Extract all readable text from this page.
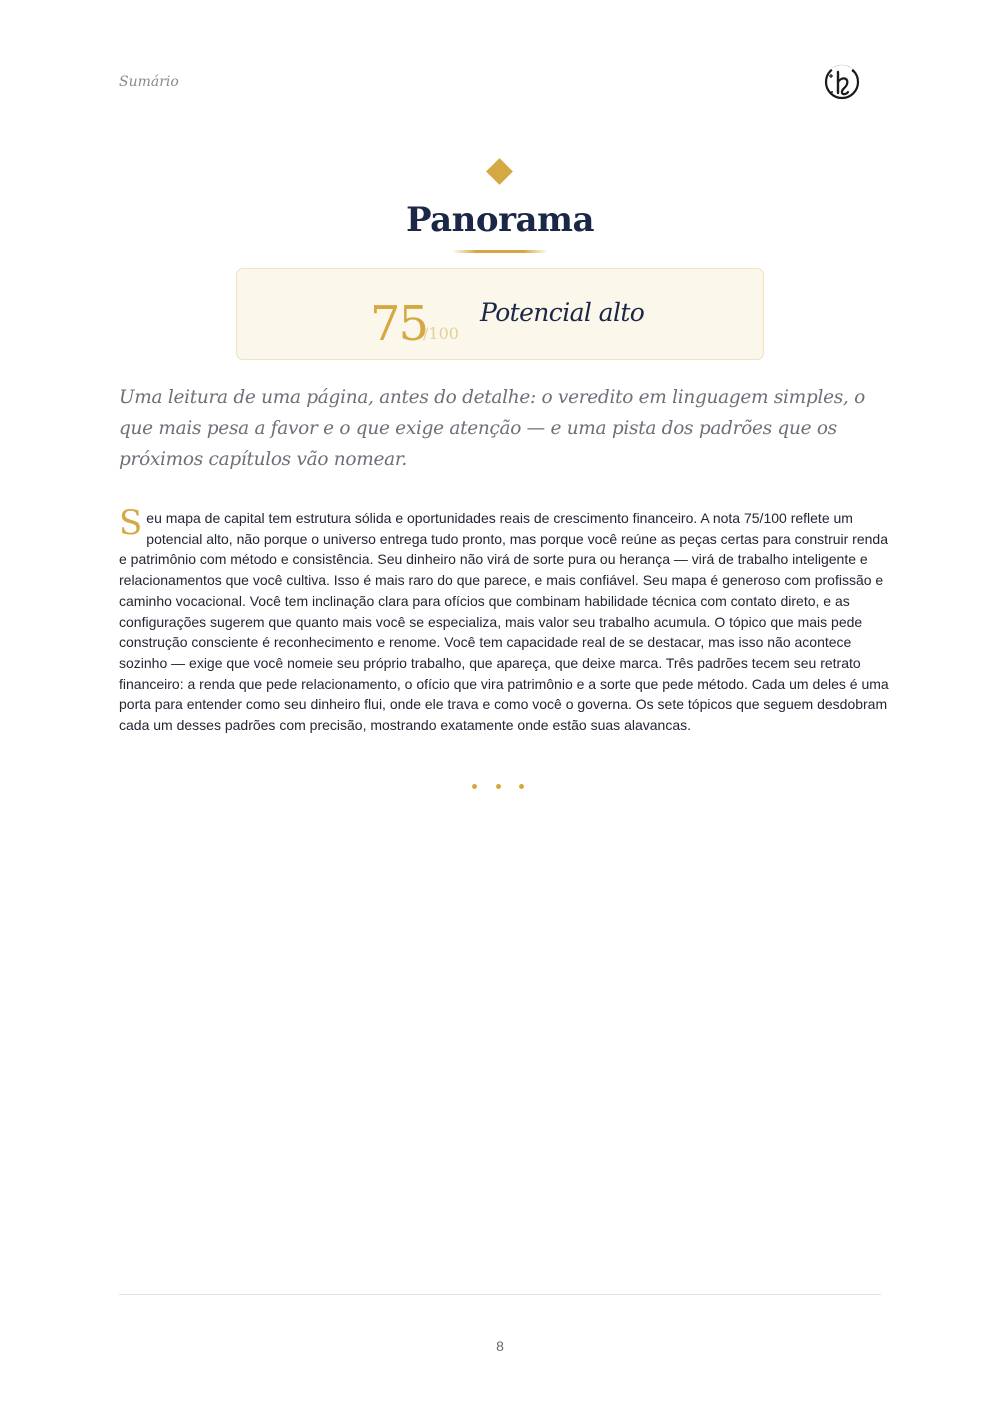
Sumário
Panorama
75
/100
Potencial alto
Uma leitura de uma página, antes do detalhe: o veredito em linguagem simples, o que mais pesa a favor e o que exige atenção — e uma pista dos padrões que os próximos capítulos vão nomear.
Seu mapa de capital tem estrutura sólida e oportunidades reais de crescimento financeiro. A nota 75/100 reflete um potencial alto, não porque o universo entrega tudo pronto, mas porque você reúne as peças certas para construir renda e patrimônio com método e consistência. Seu dinheiro não virá de sorte pura ou herança — virá de trabalho inteligente e relacionamentos que você cultiva. Isso é mais raro do que parece, e mais confiável. Seu mapa é generoso com profissão e caminho vocacional. Você tem inclinação clara para ofícios que combinam habilidade técnica com contato direto, e as configurações sugerem que quanto mais você se especializa, mais valor seu trabalho acumula. O tópico que mais pede construção consciente é reconhecimento e renome. Você tem capacidade real de se destacar, mas isso não acontece sozinho — exige que você nomeie seu próprio trabalho, que apareça, que deixe marca. Três padrões tecem seu retrato financeiro: a renda que pede relacionamento, o ofício que vira patrimônio e a sorte que pede método. Cada um deles é uma porta para entender como seu dinheiro flui, onde ele trava e como você o governa. Os sete tópicos que seguem desdobram cada um desses padrões com precisão, mostrando exatamente onde estão suas alavancas.
8
